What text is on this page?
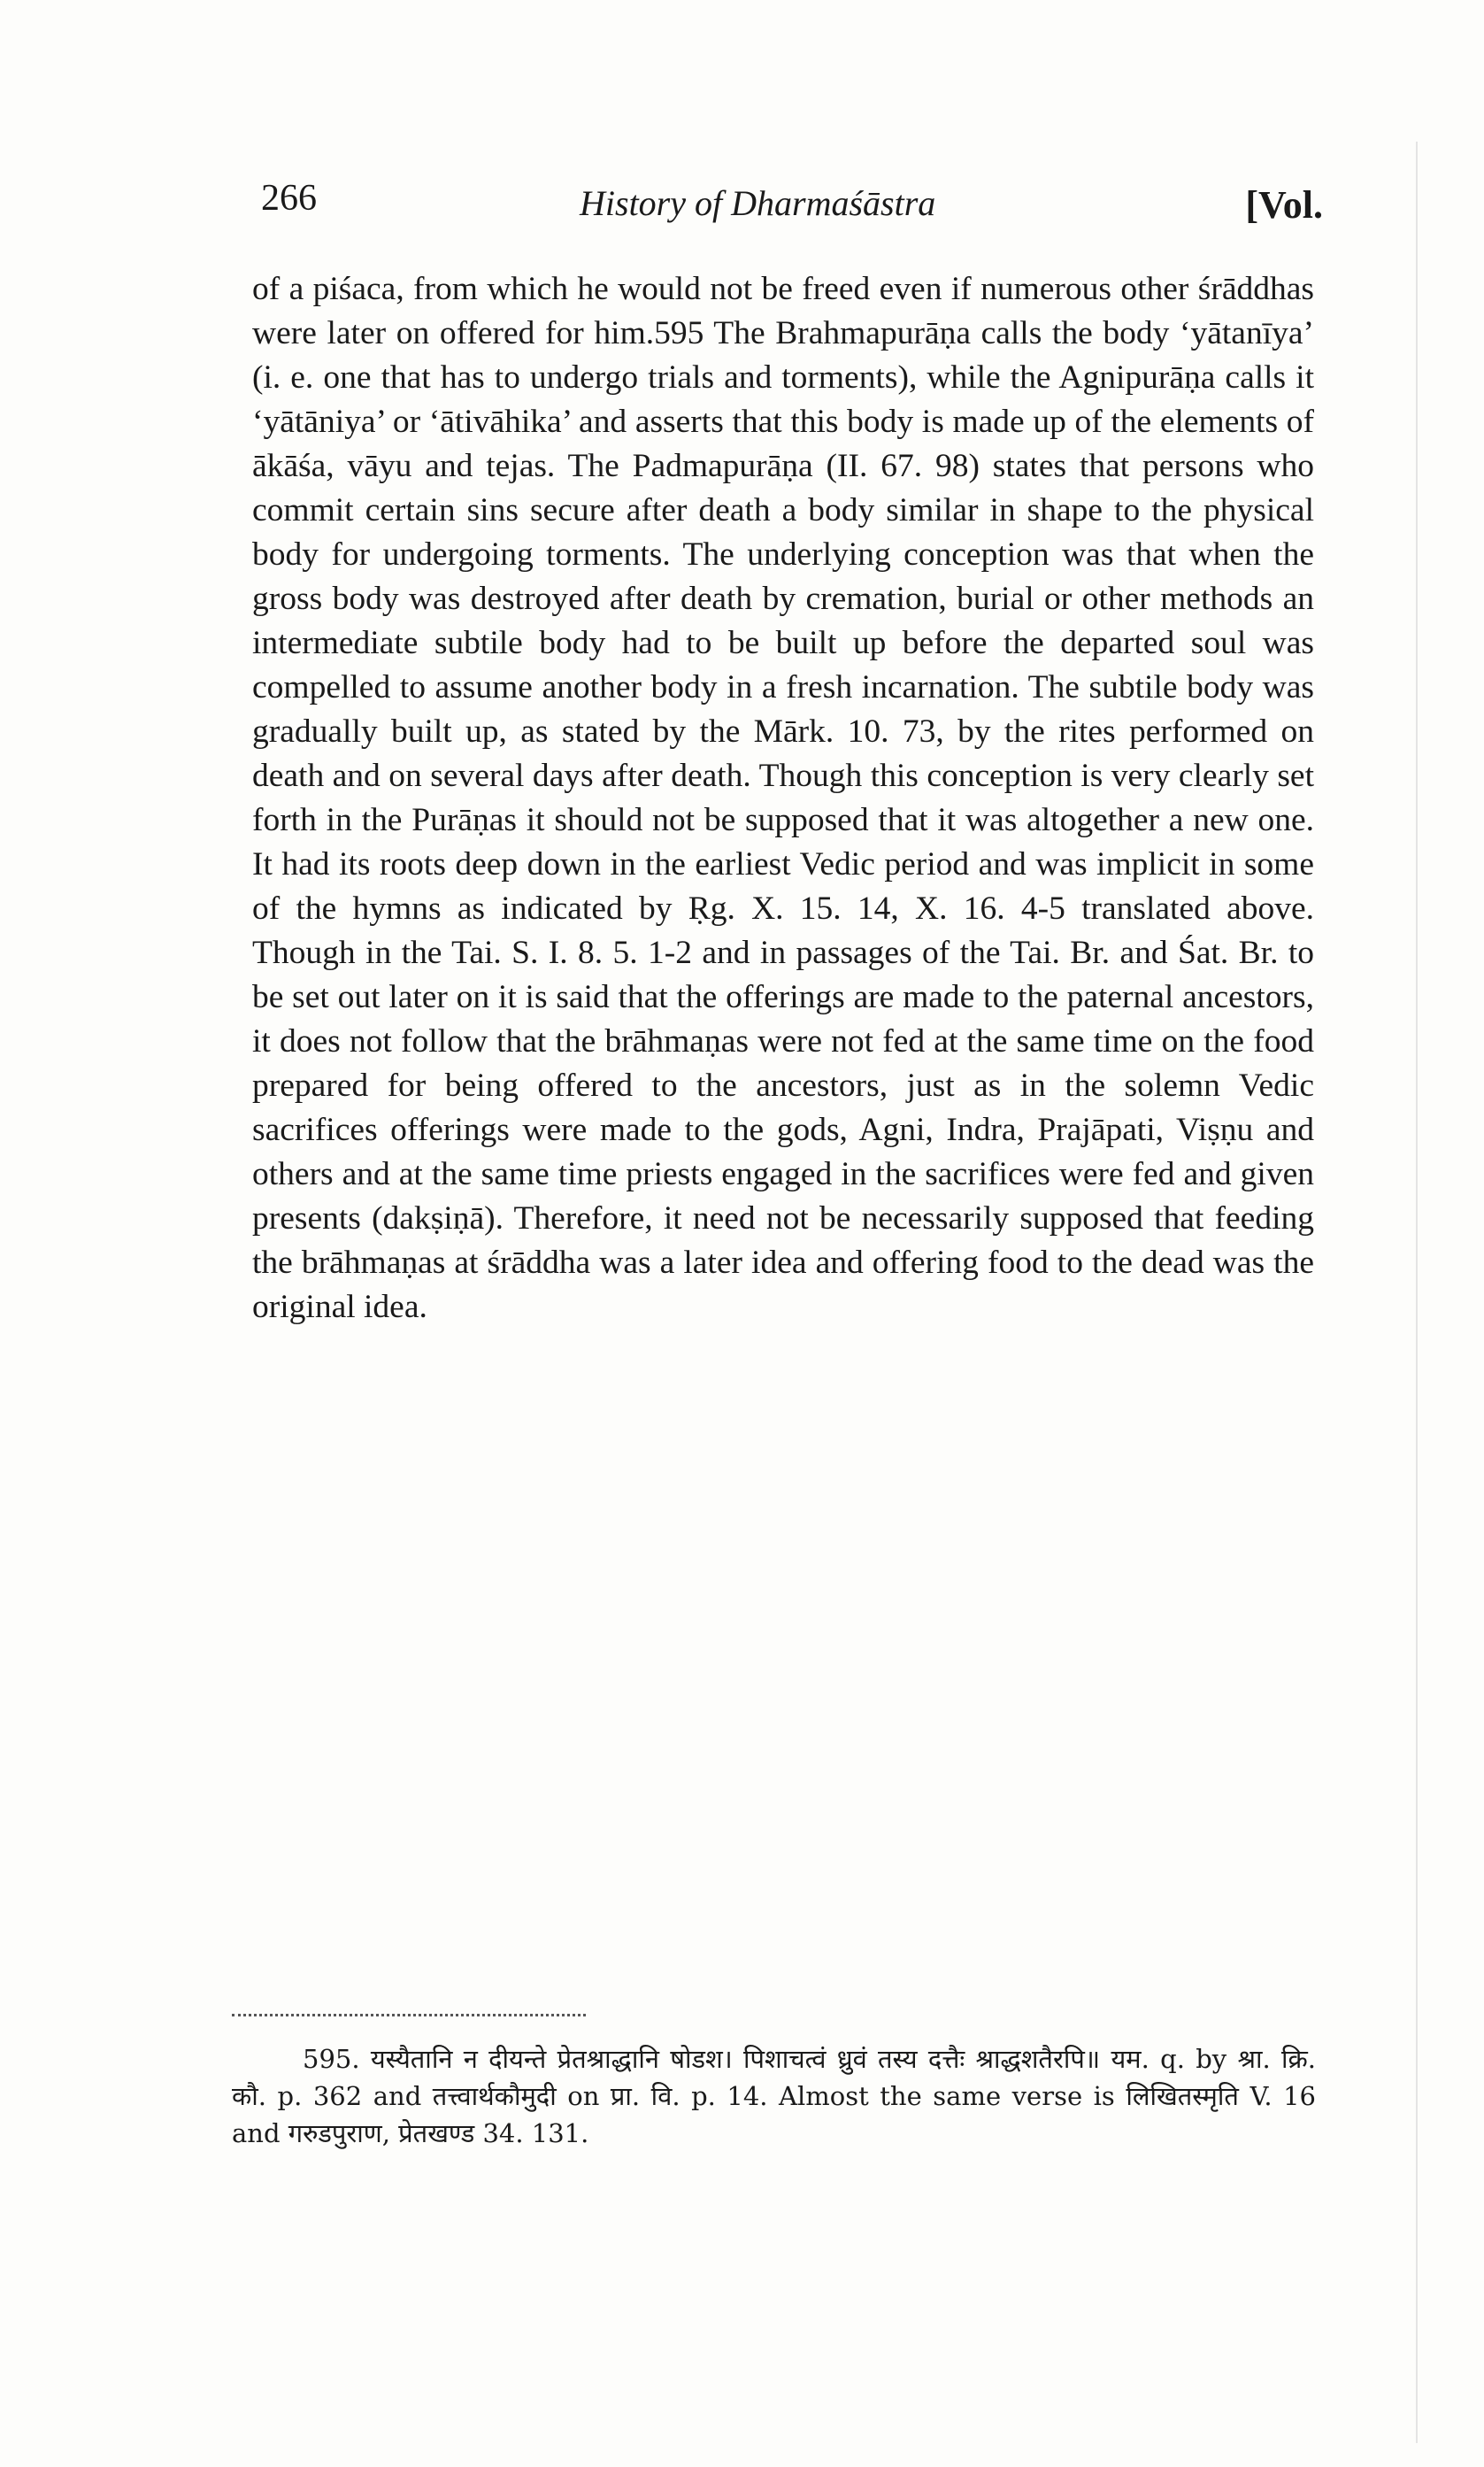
266	History of Dharmaśāstra	[Vol.

of a piśaca, from which he would not be freed even if numerous other śrāddhas were later on offered for him.595 The Brahmapurāṇa calls the body ‘yātanīya’ (i. e. one that has to undergo trials and torments), while the Agnipurāṇa calls it ‘yātāniya’ or ‘ātivāhika’ and asserts that this body is made up of the elements of ākāśa, vāyu and tejas. The Padmapurāṇa (II. 67. 98) states that persons who commit certain sins secure after death a body similar in shape to the physical body for undergoing torments. The underlying conception was that when the gross body was destroyed after death by cremation, burial or other methods an intermediate subtile body had to be built up before the departed soul was compelled to assume another body in a fresh incarnation. The subtile body was gradually built up, as stated by the Mārk. 10. 73, by the rites performed on death and on several days after death. Though this conception is very clearly set forth in the Purāṇas it should not be supposed that it was altogether a new one. It had its roots deep down in the earliest Vedic period and was implicit in some of the hymns as indicated by Ṛg. X. 15. 14, X. 16. 4-5 translated above. Though in the Tai. S. I. 8. 5. 1-2 and in passages of the Tai. Br. and Śat. Br. to be set out later on it is said that the offerings are made to the paternal ancestors, it does not follow that the brāhmaṇas were not fed at the same time on the food prepared for being offered to the ancestors, just as in the solemn Vedic sacrifices offerings were made to the gods, Agni, Indra, Prajāpati, Viṣṇu and others and at the same time priests engaged in the sacrifices were fed and given presents (dakṣiṇā). Therefore, it need not be necessarily supposed that feeding the brāhmaṇas at śrāddha was a later idea and offering food to the dead was the original idea.

595. यस्यैतानि न दीयन्ते प्रेतश्राद्धानि षोडश। पिशाचत्वं ध्रुवं तस्य दत्तैः श्राद्धशतैरपि॥ यम. q. by श्रा. क्रि. कौ. p. 362 and तत्त्वार्थकौमुदी on प्रा. वि. p. 14. Almost the same verse is लिखितस्मृति V. 16 and गरुडपुराण, प्रेतखण्ड 34. 131.
